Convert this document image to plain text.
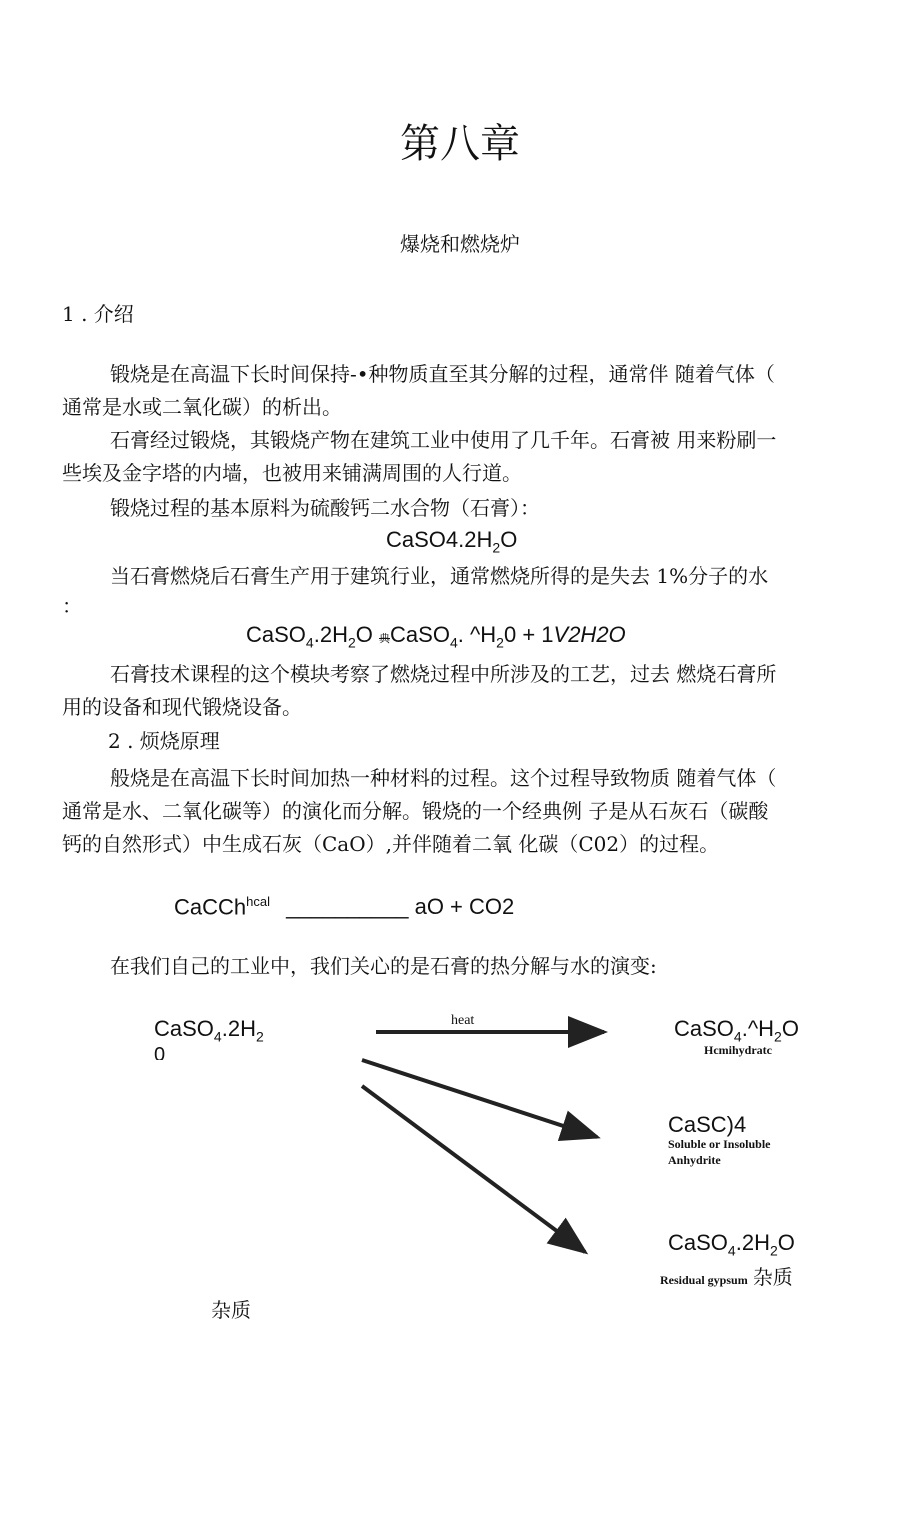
第八章
爆烧和燃烧炉
1 . 介绍
锻烧是在高温下长时间保持-•种物质直至其分解的过程，通常伴 随着气体（
通常是水或二氧化碳）的析出。
石膏经过锻烧，其锻烧产物在建筑工业中使用了几千年。石膏被 用来粉刷一
些埃及金字塔的内墙，也被用来铺满周围的人行道。
锻烧过程的基本原料为硫酸钙二水合物（石膏）：
$CaSO4.2H_2O$
当石膏燃烧后石膏生产用于建筑行业，通常燃烧所得的是失去 1%分子的水
：
$CaSO_4.2H_2O$ 典CaSO$_4$. $\^{}H_20 + 1V2H2O$
石膏技术课程的这个模块考察了燃烧过程中所涉及的工艺，过去 燃烧石膏所
用的设备和现代锻烧设备。
2 . 烦烧原理
般烧是在高温下长时间加热一种材料的过程。这个过程导致物质 随着气体（
通常是水、二氧化碳等）的演化而分解。锻烧的一个经典例 子是从石灰石（碳酸
钙的自然形式）中生成石灰（CaO）,并伴随着二氧 化碳（C02）的过程。
CaCCh$^{hcal}$ __________ aO + CO2
在我们自己的工业中，我们关心的是石膏的热分解与水的演变:
heat
$CaSO_4.2H_2$
0
$CaSO_4.\^{}H_2O$
Hcmihydratc
CaSC)4
Soluble or Insoluble
Anhydrite
$CaSO_4.2H_2O$
Residual gypsum 杂质
杂质
